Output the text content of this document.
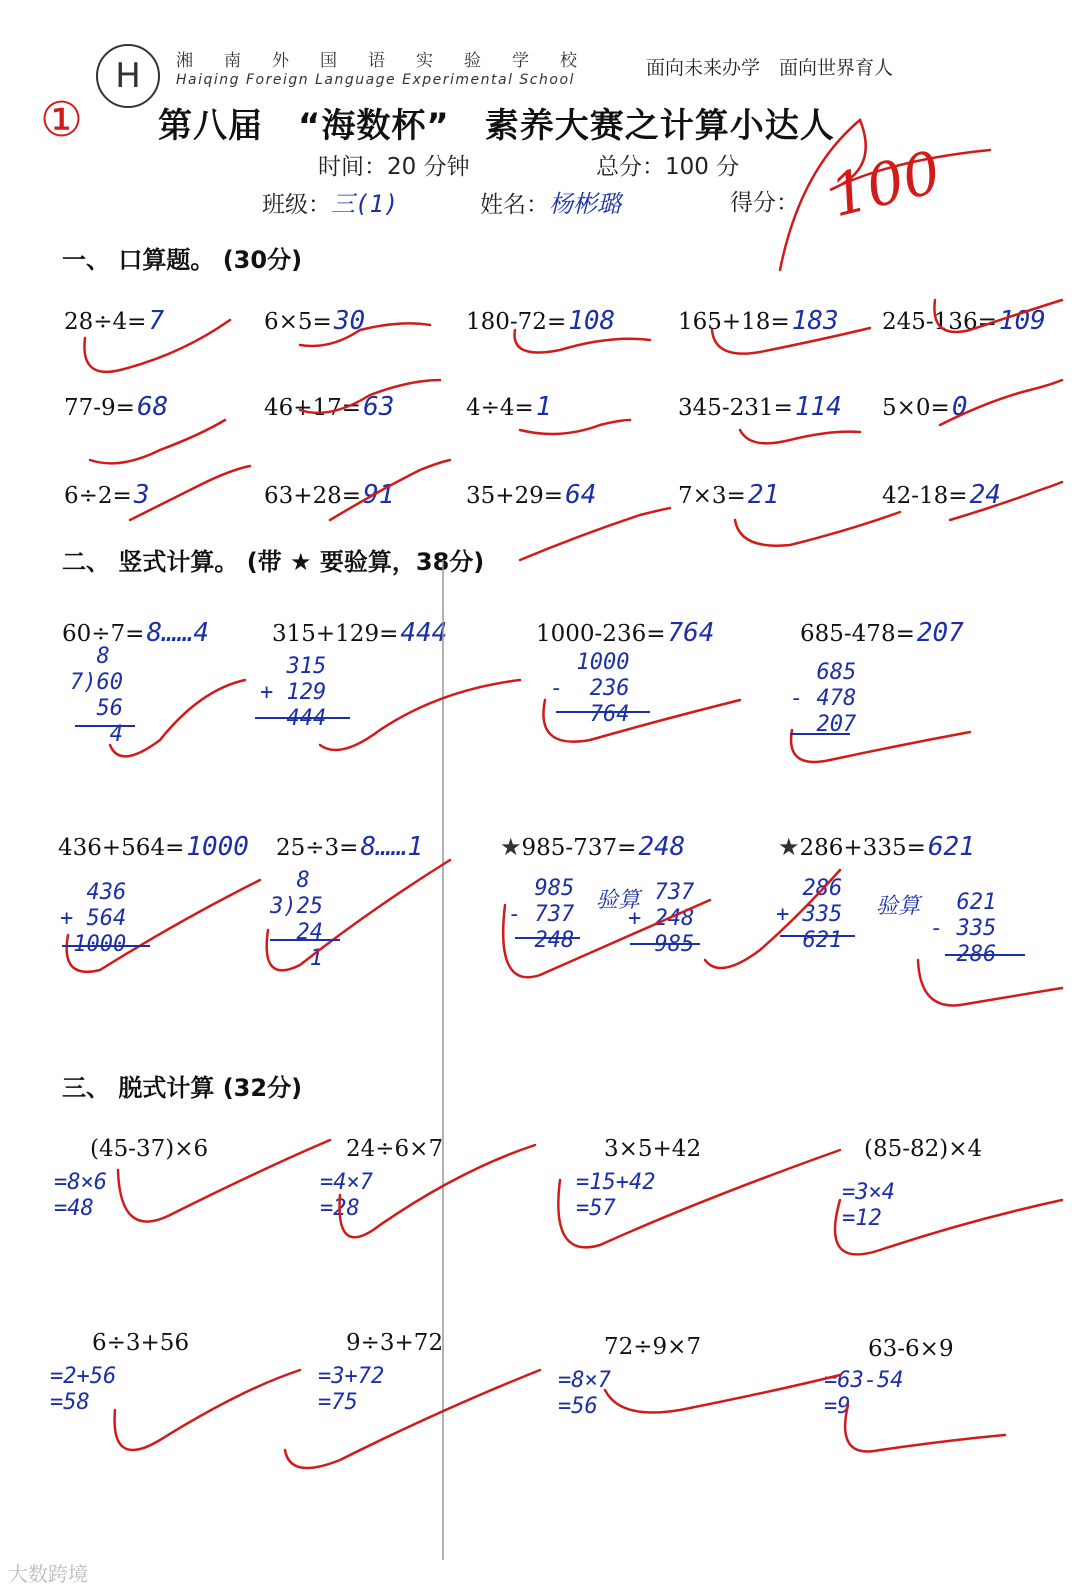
H 湘南外国语实验学校
Haiqing Foreign Language Experimental School
面向未来办学　面向世界育人
① 第八届　“海数杯”　素养大赛之计算小达人
时间：20 分钟	总分：100 分
班级：三(1)	姓名：杨彬璐	得分： 100
一、 口算题。 (30分)
28÷4=7	6×5=30	180-72=108	165+18=183 245-136=109
77-9=68	46+17=63	4÷4=1	345-231=114 5×0=0
6÷2=3	63+28=91	35+29=64	7×3=21	42-18=24
二、 竖式计算。 (带 ★ 要验算，38分)
60÷7=8……4
8
7)60
56
4
315+129=444
315
+ 129
444
1000-236=764
1000
-  236
764
685-478=207
685
- 478
207
436+564=1000
436
+ 564
1000
25÷3=8……1
8
3)25
24
1
★985-737=248
985
- 737
248
验算 737
+ 248
985
★286+335=621
286
+ 335
621
验算	621
- 335
286
三、 脱式计算 (32分)
(45-37)×6
=8×6
=48
24÷6×7
=4×7
=28
3×5+42
=15+42
=57
(85-82)×4
=3×4
=12
6÷3+56
=2+56
=58
9÷3+72
=3+72
=75
72÷9×7
=8×7
=56
63-6×9
=63-54
=9
大数跨境
